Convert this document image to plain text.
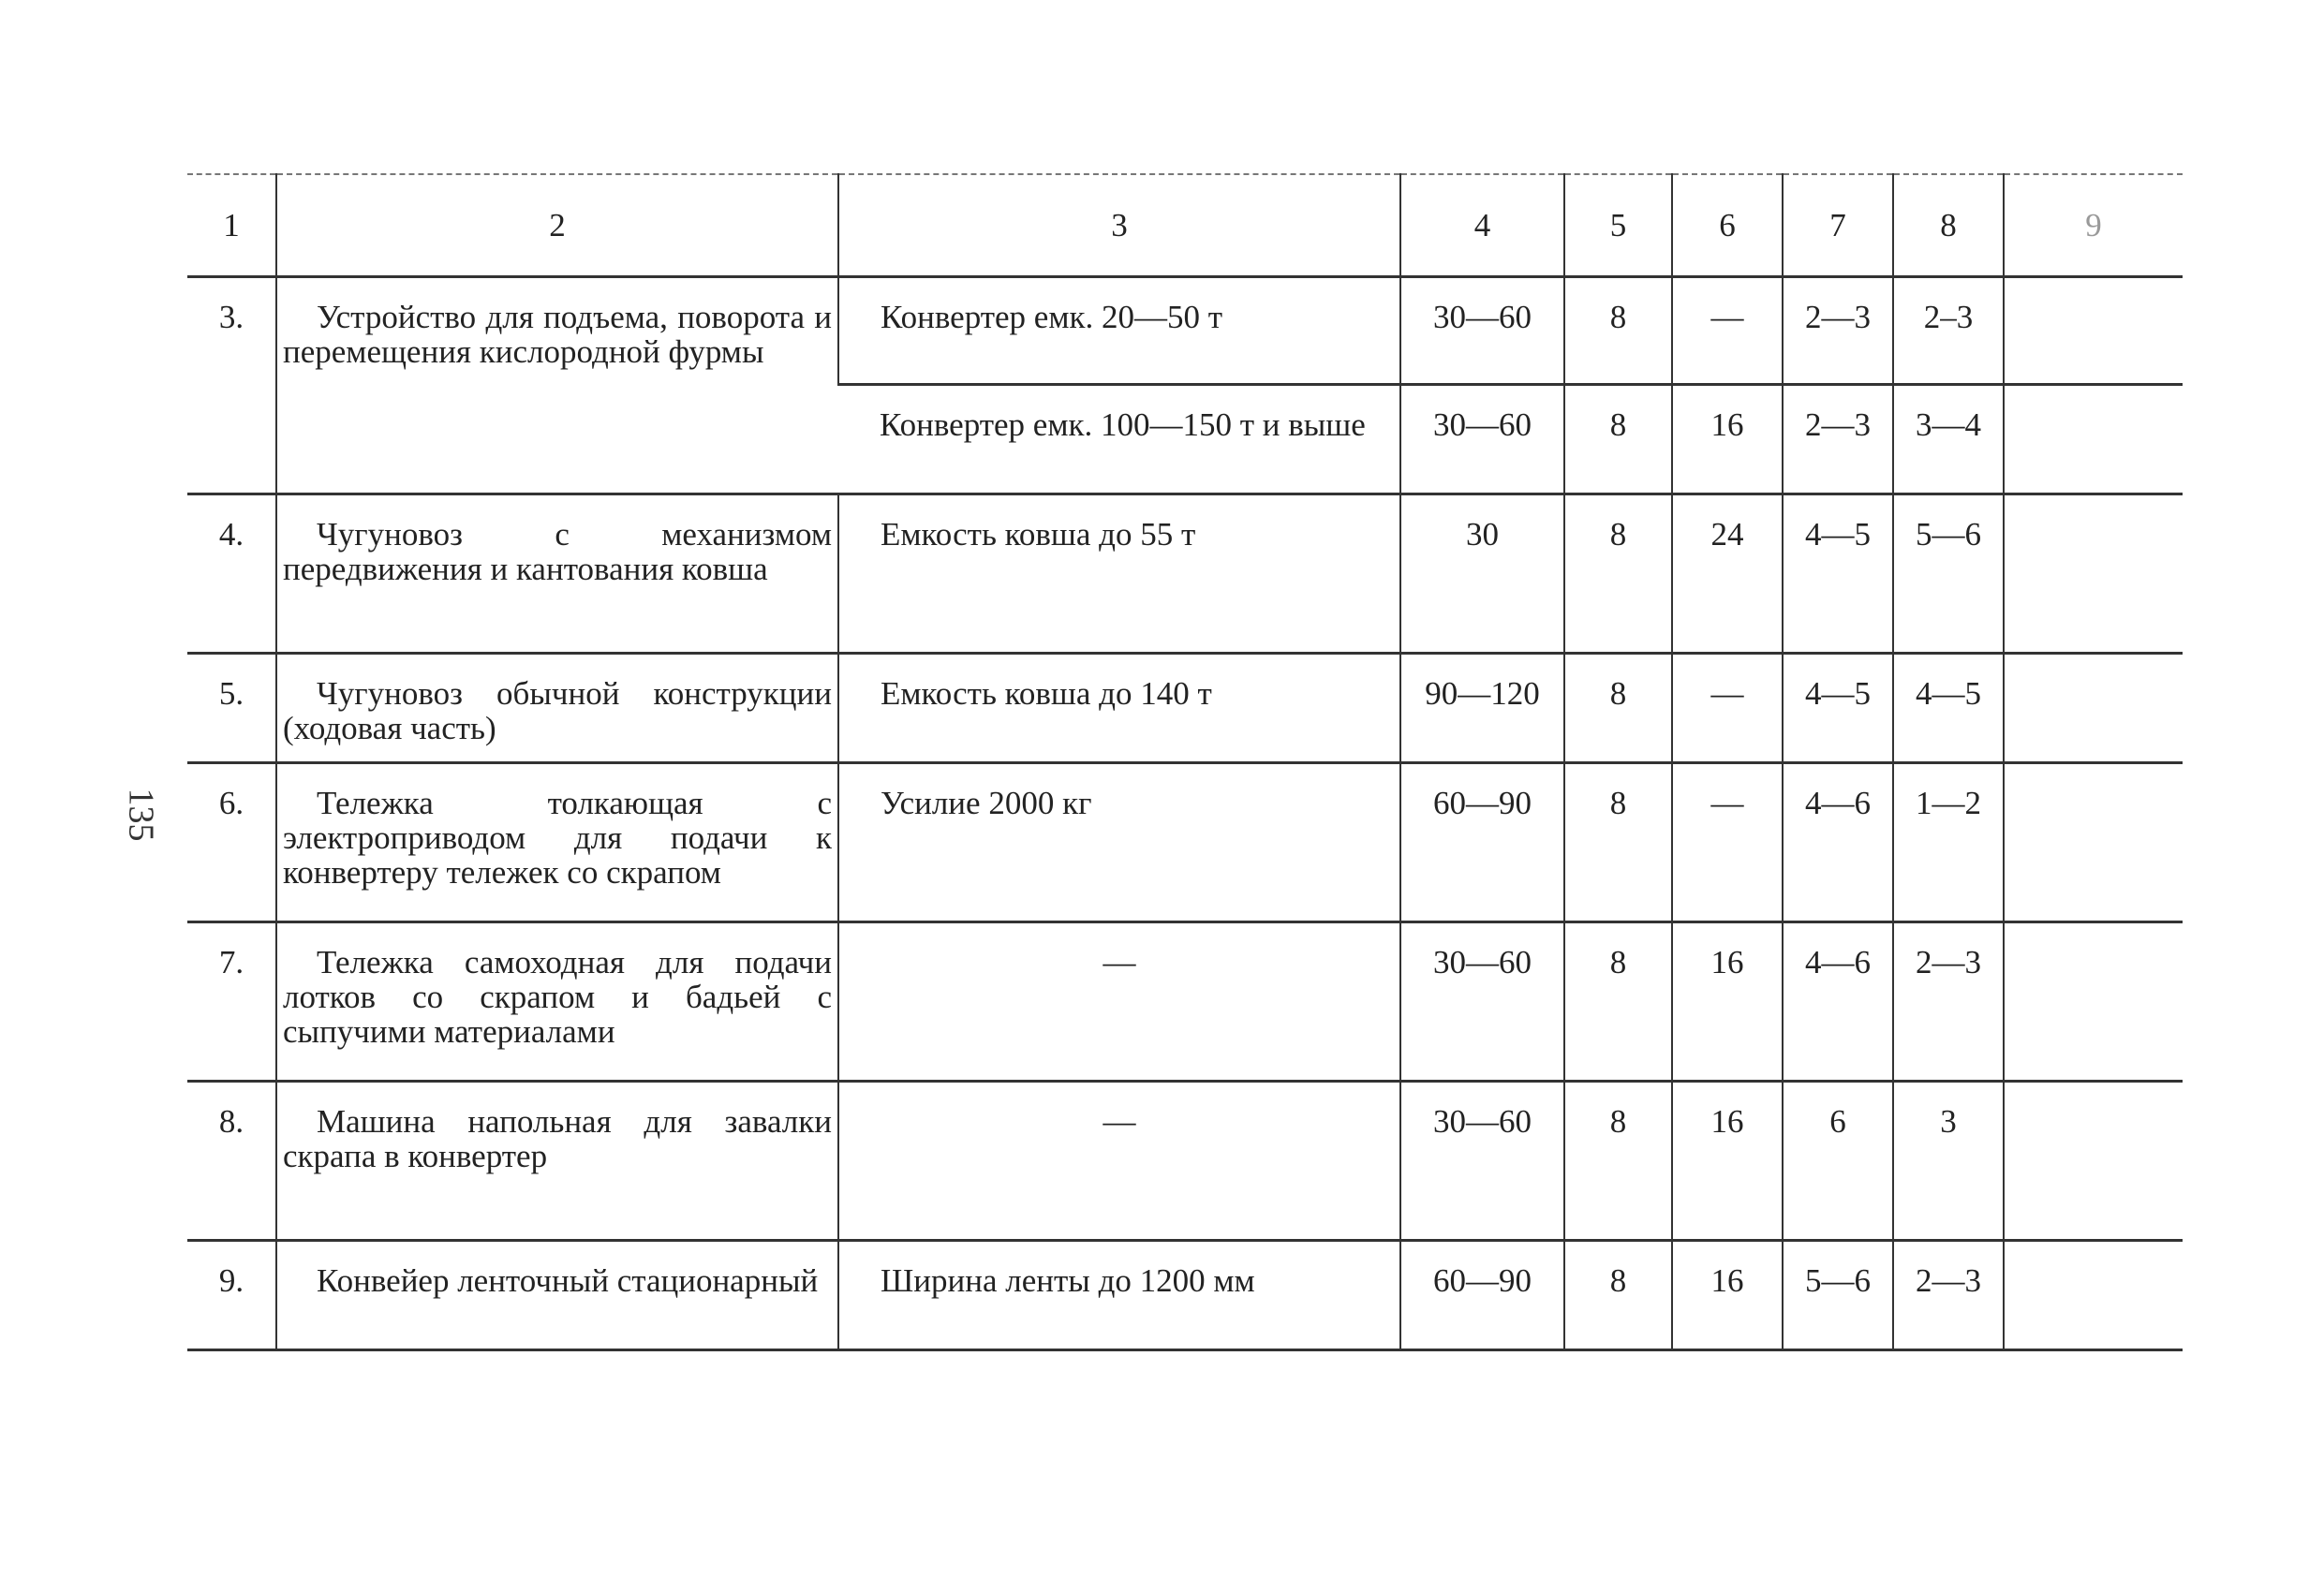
135
1	2	3	4	5	6	7	8	9
3.	Устройство для подъема, поворота и перемещения кислородной фурмы	Конвертер емк. 20—50 т	30—60	8	—	2—3	2–3	
		Конвертер емк. 100—150 т и выше	30—60	8	16	2—3	3—4	
4.	Чугуновоз с механизмом передвижения и кантования ковша	Емкость ковша до 55 т	30	8	24	4—5	5—6	
5.	Чугуновоз обычной конструкции (ходовая часть)	Емкость ковша до 140 т	90—120	8	—	4—5	4—5	
6.	Тележка толкающая с электроприводом для подачи к конвертеру тележек со скрапом	Усилие 2000 кг	60—90	8	—	4—6	1—2	
7.	Тележка самоходная для подачи лотков со скрапом и бадьей с сыпучими материалами	—	30—60	8	16	4—6	2—3	
8.	Машина напольная для завалки скрапа в конвертер	—	30—60	8	16	6	3	
9.	Конвейер ленточный стационарный	Ширина ленты до 1200 мм	60—90	8	16	5—6	2—3	
